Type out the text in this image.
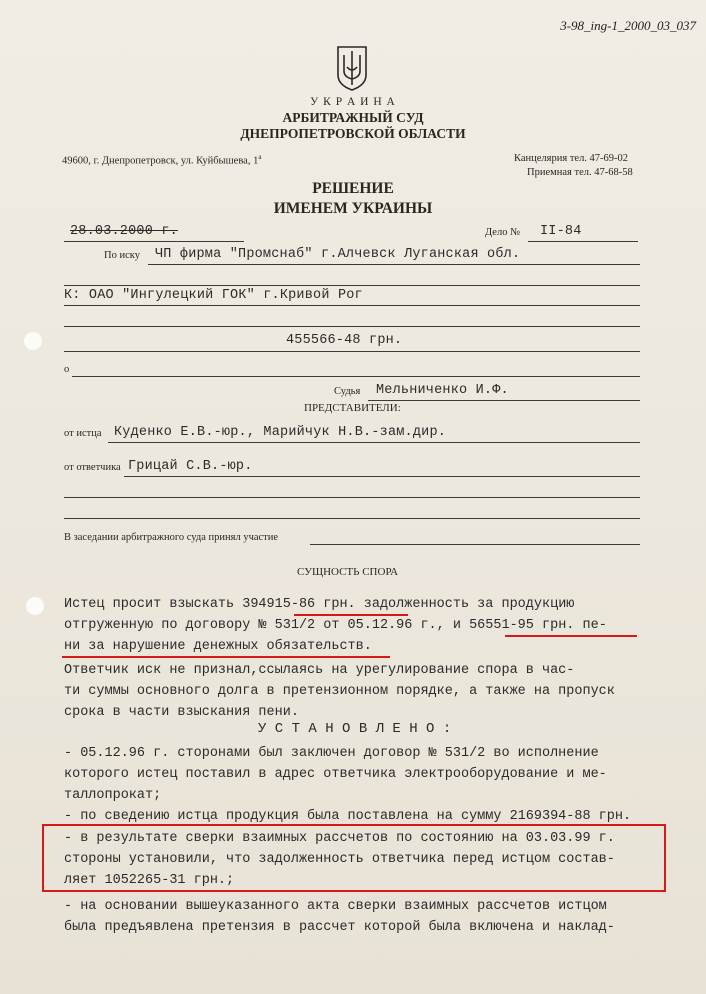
3-98_ing-1_2000_03_037
У К Р А И Н А
АРБИТРАЖНЫЙ СУД
ДНЕПРОПЕТРОВСКОЙ ОБЛАСТИ
49600, г. Днепропетровск, ул. Куйбышева, $1^а$	Канцелярия тел. 47-69-02
Приемная тел. 47-68-58
РЕШЕНИЕ
ИМЕНЕМ УКРАИНЫ
28.03.2000 г.	Дело № II-84
По иску ЧП фирма "Промснаб" г.Алчевск Луганская обл.
К: ОАО "Ингулецкий ГОК" г.Кривой Рог
455566-48 грн.
о
Судья Мельниченко И.Ф.
ПРЕДСТАВИТЕЛИ:
от истца Куденко Е.В.-юр., Марийчук Н.В.-зам.дир.
от ответчика Грицай С.В.-юр.
В заседании арбитражного суда принял участие
СУЩНОСТЬ СПОРА
Истец просит взыскать 394915-86 грн. задолженность за продукцию
отгруженную по договору № 531/2 от 05.12.96 г., и 56551-95 грн. пе-
ни за нарушение денежных обязательств.
Ответчик иск не признал,ссылаясь на урегулирование спора в час-
ти суммы основного долга в претензионном порядке, а также на пропуск
срока в части взыскания пени.
У С Т А Н О В Л Е Н О :
- 05.12.96 г. сторонами был заключен договор № 531/2 во исполнение
которого истец поставил в адрес ответчика электрооборудование и ме-
таллопрокат;
- по сведению истца продукция была поставлена на сумму 2169394-88 грн.
- в результате сверки взаимных рассчетов по состоянию на 03.03.99 г.
стороны установили, что задолженность ответчика перед истцом состав-
ляет 1052265-31 грн.;
- на основании вышеуказанного акта сверки взаимных рассчетов истцом
была предъявлена претензия в рассчет которой была включена и наклад-
